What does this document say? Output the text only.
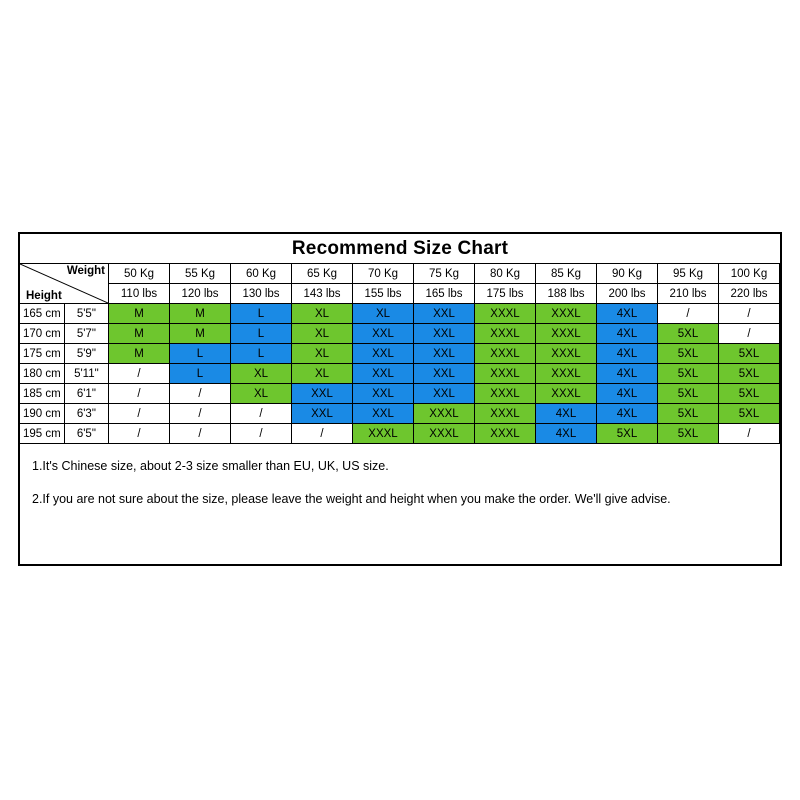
Recommend Size Chart
Weight
Height		50 Kg	55 Kg	60 Kg	65 Kg	70 Kg	75 Kg	80 Kg	85 Kg	90 Kg	95 Kg	100 Kg
		110 lbs	120 lbs	130 lbs	143 lbs	155 lbs	165 lbs	175 lbs	188 lbs	200 lbs	210 lbs	220 lbs
165 cm	5'5"	M	M	L	XL	XL	XXL	XXXL	XXXL	4XL	/	/
170 cm	5'7"	M	M	L	XL	XXL	XXL	XXXL	XXXL	4XL	5XL	/
175 cm	5'9"	M	L	L	XL	XXL	XXL	XXXL	XXXL	4XL	5XL	5XL
180 cm	5'11"	/	L	XL	XL	XXL	XXL	XXXL	XXXL	4XL	5XL	5XL
185 cm	6'1"	/	/	XL	XXL	XXL	XXL	XXXL	XXXL	4XL	5XL	5XL
190 cm	6'3"	/	/	/	XXL	XXL	XXXL	XXXL	4XL	4XL	5XL	5XL
195 cm	6'5"	/	/	/	/	XXXL	XXXL	XXXL	4XL	5XL	5XL	/

1.It's Chinese size, about 2-3 size smaller than EU, UK, US size.

2.If you are not sure about the size, please leave the weight and height when you make the order. We'll give advise.
